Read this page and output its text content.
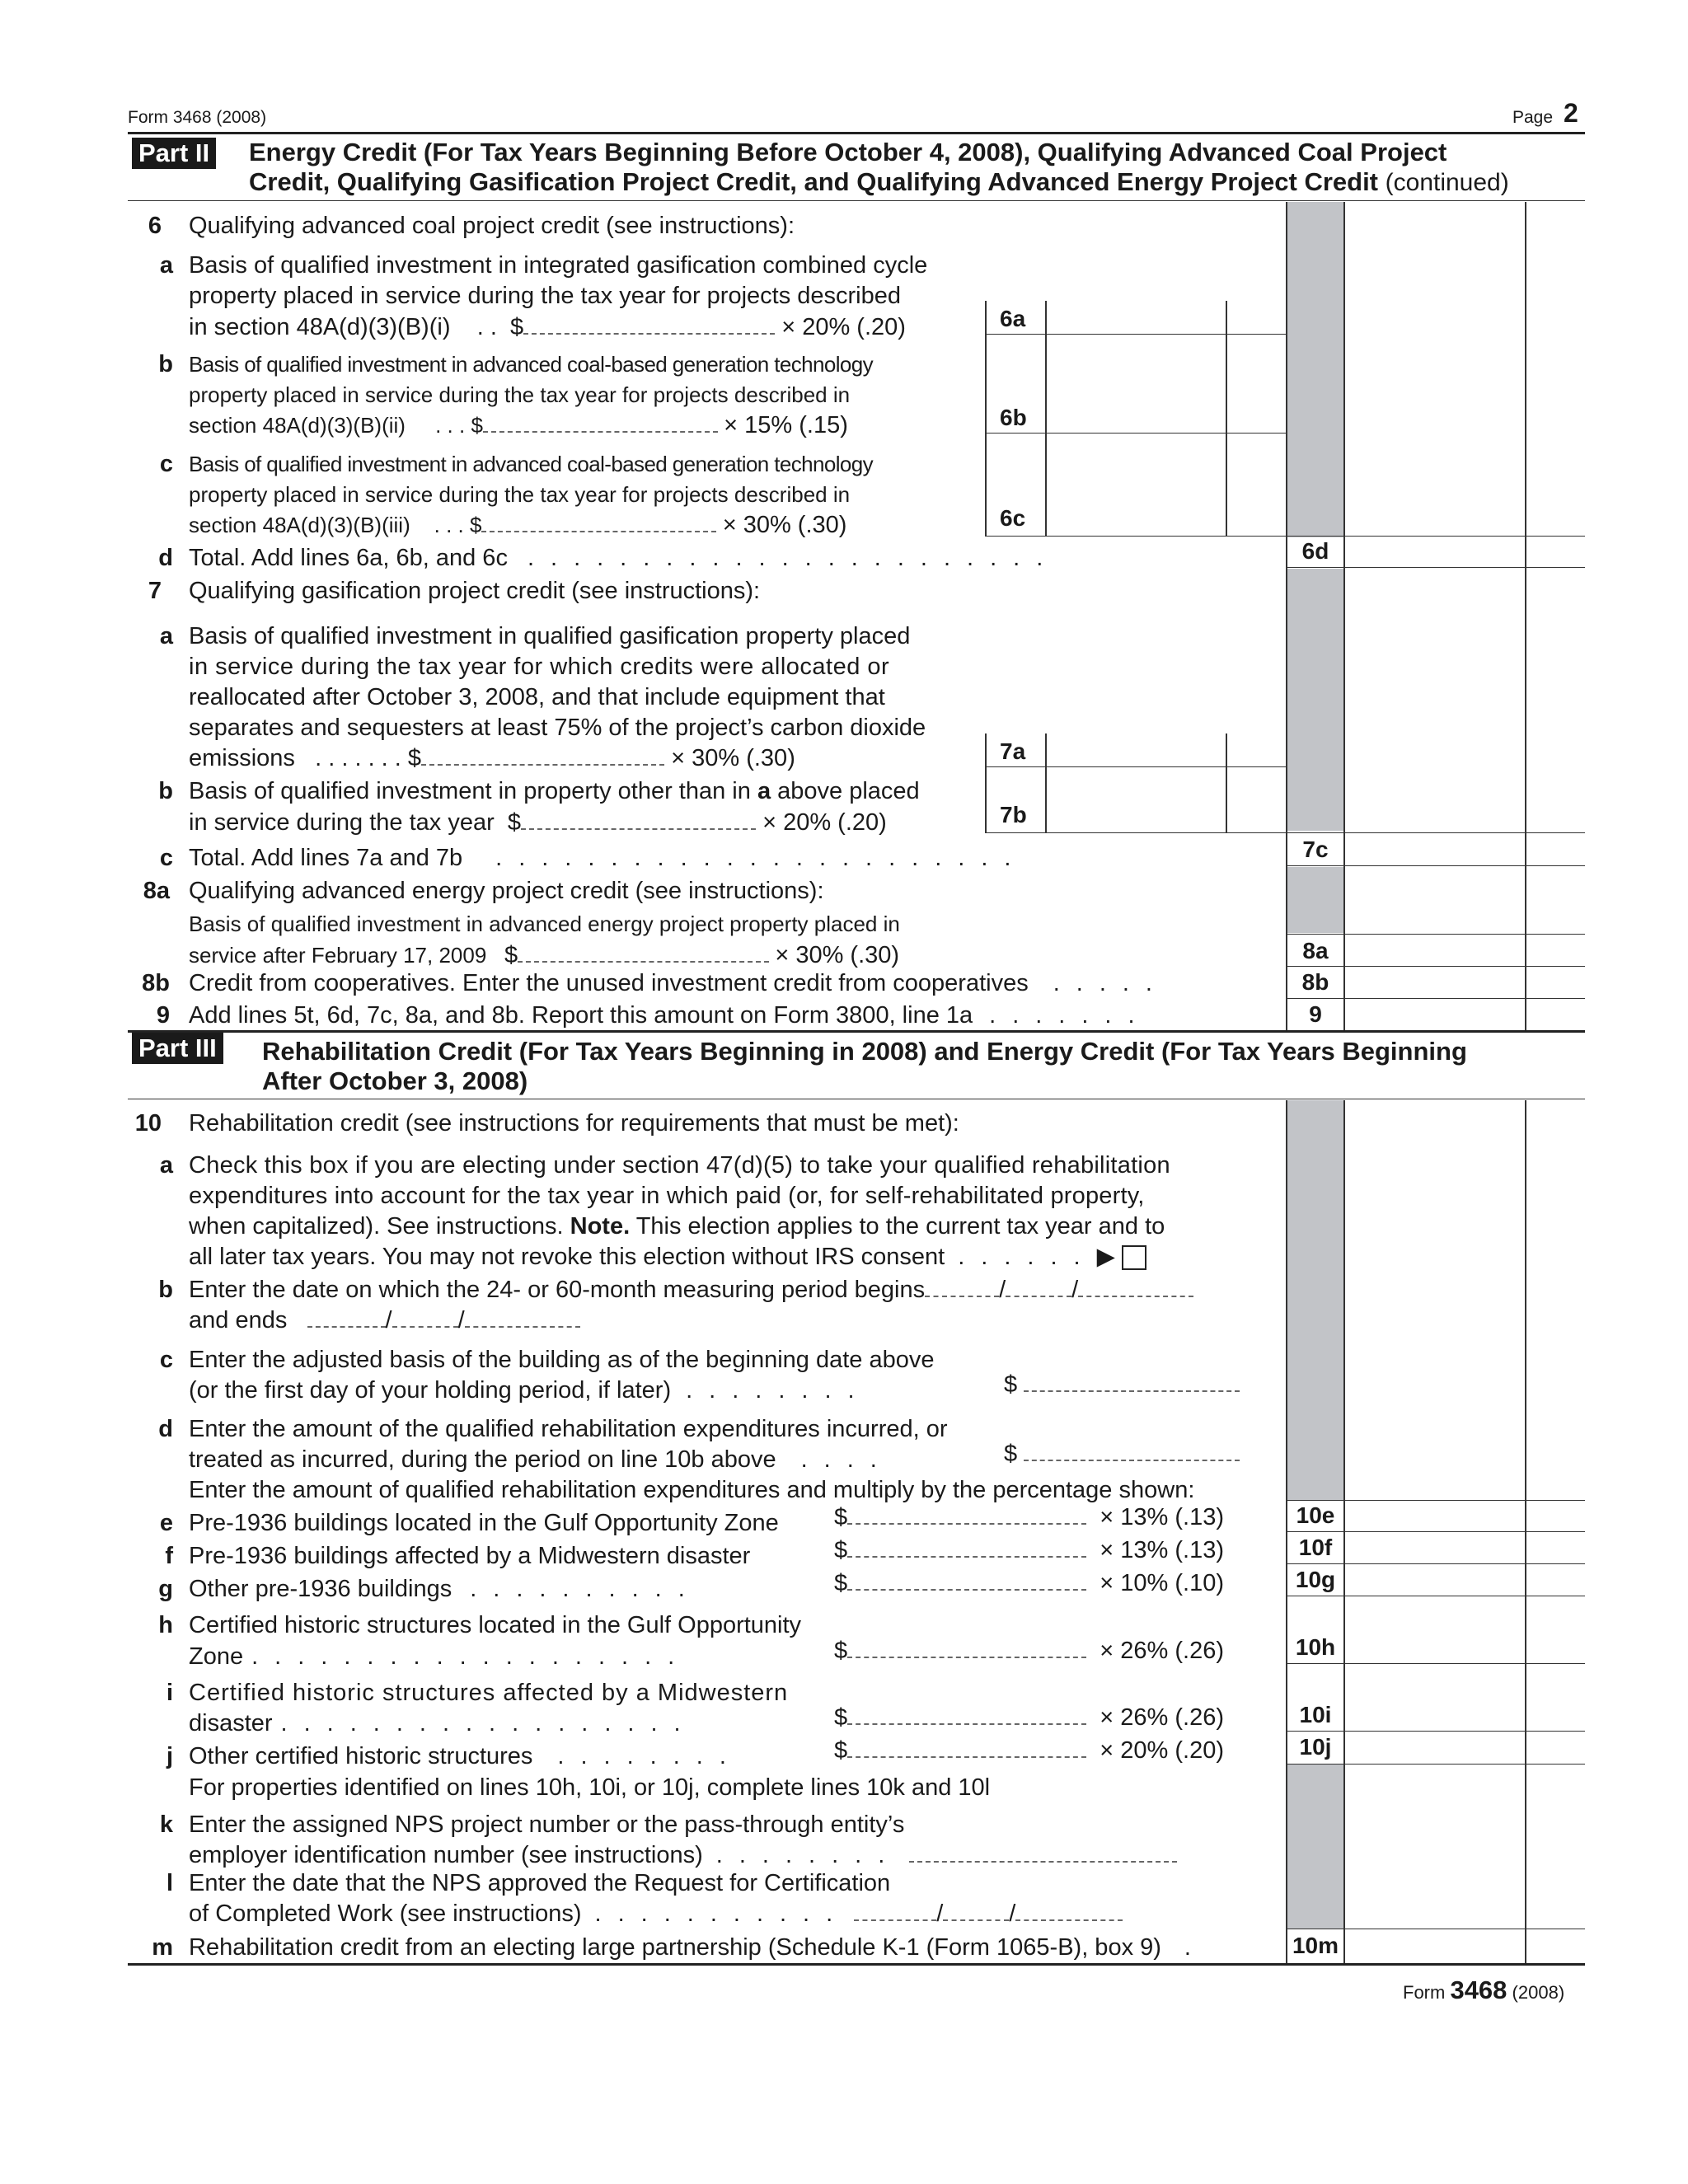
Form 3468 (2008)	Page 2
Part II Energy Credit (For Tax Years Beginning Before October 4, 2008), Qualifying Advanced Coal Project
Credit, Qualifying Gasification Project Credit, and Qualifying Advanced Energy Project Credit (continued)
6 Qualifying advanced coal project credit (see instructions):
a Basis of qualified investment in integrated gasification combined cycle
property placed in service during the tax year for projects described
in section 48A(d)(3)(B)(i) . . $	× 20% (.20)	6a
b Basis of qualified investment in advanced coal-based generation technology
property placed in service during the tax year for projects described in
section 48A(d)(3)(B)(ii) . . . $	× 15% (.15)	6b
c Basis of qualified investment in advanced coal-based generation technology
property placed in service during the tax year for projects described in
section 48A(d)(3)(B)(iii) . . . $	× 30% (.30)	6c
d Total. Add lines 6a, 6b, and 6c .......................	6d
7 Qualifying gasification project credit (see instructions):
a Basis of qualified investment in qualified gasification property placed
in service during the tax year for which credits were allocated or
reallocated after October 3, 2008, and that include equipment that
separates and sequesters at least 75% of the project’s carbon dioxide
emissions . . . . . . . $	× 30% (.30)	7a
b Basis of qualified investment in property other than in a above placed
in service during the tax year $	× 20% (.20)	7b
c Total. Add lines 7a and 7b .......................	7c
8a Qualifying advanced energy project credit (see instructions):
Basis of qualified investment in advanced energy project property placed in
service after February 17, 2009 $	× 30% (.30)	8a
8b Credit from cooperatives. Enter the unused investment credit from cooperatives .....	8b
9 Add lines 5t, 6d, 7c, 8a, and 8b. Report this amount on Form 3800, line 1a .......	9
Part III Rehabilitation Credit (For Tax Years Beginning in 2008) and Energy Credit (For Tax Years Beginning
After October 3, 2008)
10 Rehabilitation credit (see instructions for requirements that must be met):
a Check this box if you are electing under section 47(d)(5) to take your qualified rehabilitation
expenditures into account for the tax year in which paid (or, for self-rehabilitated property,
when capitalized). See instructions. Note. This election applies to the current tax year and to
all later tax years. You may not revoke this election without IRS consent ......▶
b Enter the date on which the 24- or 60-month measuring period begins	/	/
and ends	/	/
c Enter the adjusted basis of the building as of the beginning date above
(or the first day of your holding period, if later) ........	$
d Enter the amount of the qualified rehabilitation expenditures incurred, or
treated as incurred, during the period on line 10b above ....	$
Enter the amount of qualified rehabilitation expenditures and multiply by the percentage shown:
e Pre-1936 buildings located in the Gulf Opportunity Zone $	× 13% (.13)	10e
f Pre-1936 buildings affected by a Midwestern disaster	$	× 13% (.13)	10f
g Other pre-1936 buildings ..........	$	× 10% (.10)	10g
h Certified historic structures located in the Gulf Opportunity
Zone ...................	$	× 26% (.26)	10h
i Certified historic structures affected by a Midwestern
disaster ..................	$	× 26% (.26)	10i
j Other certified historic structures ........	$	× 20% (.20)	10j
For properties identified on lines 10h, 10i, or 10j, complete lines 10k and 10l
k Enter the assigned NPS project number or the pass-through entity’s
employer identification number (see instructions) ........
l Enter the date that the NPS approved the Request for Certification
of Completed Work (see instructions) ...........	/	/
m Rehabilitation credit from an electing large partnership (Schedule K-1 (Form 1065-B), box 9) .	10m
Form 3468 (2008)
